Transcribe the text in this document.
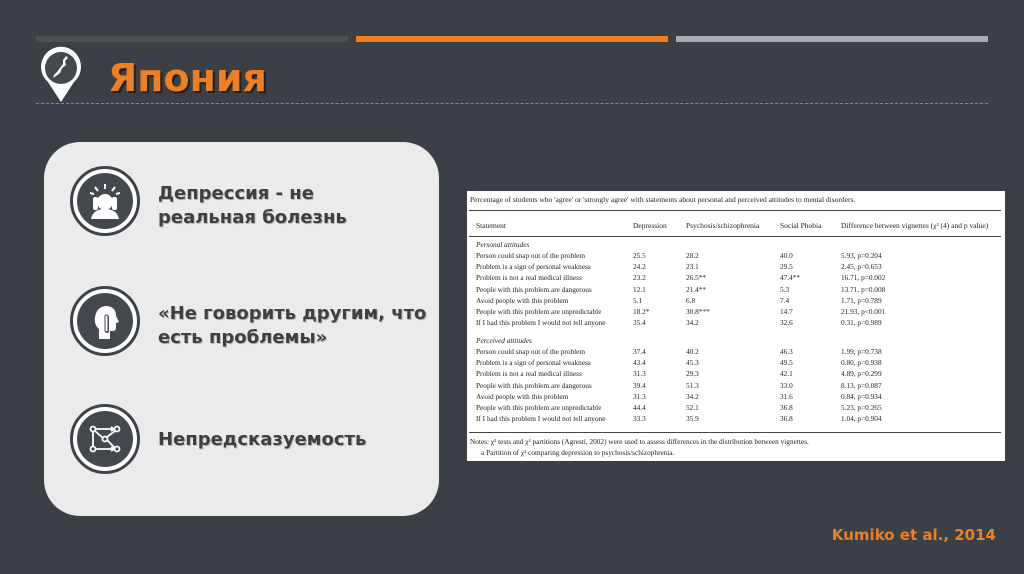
Япония
Депрессия - не реальная болезнь
«Не говорить другим, что есть проблемы»
Непредсказуемость
Percentage of students who 'agree' or 'strongly agree' with statements about personal and perceived attitudes to mental disorders.
Statement	Depression	Psychosis/schizophrenia	Social Phobia	Difference between vignettes (χ² (4) and p value)
Personal attitudes
Person could snap out of the problem	25.5	28.2	40.0	5.93, p=0.204
Problem is a sign of personal weakness	24.2	23.1	29.5	2.45, p=0.653
Problem is not a real medical illness	23.2	26.5**	47.4**	16.71, p=0.002
People with this problem are dangerous	12.1	21.4**	5.3	13.71, p=0.008
Avoid people with this problem	5.1	6.8	7.4	1.71, p=0.789
People with this problem are unpredictable	18.2*	30.8***	14.7	21.93, p<0.001
If I had this problem I would not tell anyone	35.4	34.2	32.6	0.31, p=0.989
Perceived attitudes
Person could snap out of the problem	37.4	40.2	46.3	1.99, p=0.738
Problem is a sign of personal weakness	43.4	45.3	49.5	0.80, p=0.938
Problem is not a real medical illness	31.3	29.3	42.1	4.89, p=0.299
People with this problem are dangerous	39.4	51.3	33.0	8.13, p=0.087
Avoid people with this problem	31.3	34.2	31.6	0.84, p=0.934
People with this problem are unpredictable	44.4	52.1	36.8	5.23, p=0.265
If I had this problem I would not tell anyone	33.3	35.9	36.8	1.04, p=0.904
Notes: χ² tests and χ² partitions (Agresti, 2002) were used to assess differences in the distribution between vignettes.
a Partition of χ² comparing depression to psychosis/schizophrenia.
Kumiko et al., 2014
